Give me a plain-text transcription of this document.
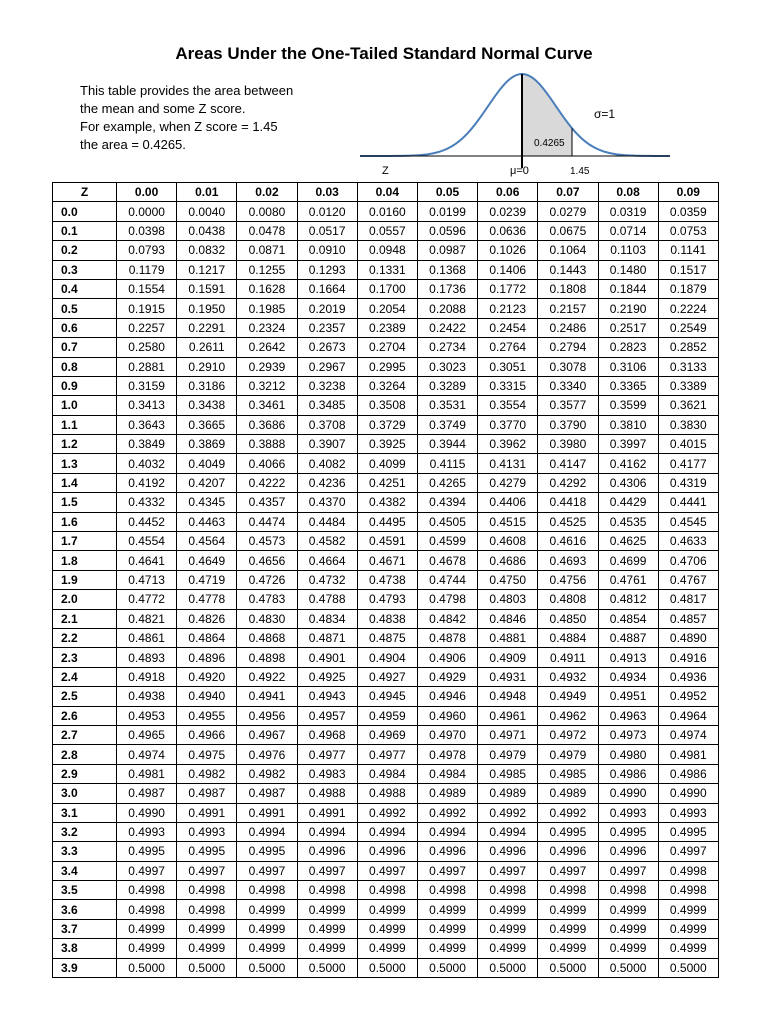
Areas Under the One-Tailed Standard Normal Curve
This table provides the area between
the mean and some Z score.
For example, when Z score = 1.45
the area = 0.4265.
σ=1
0.4265
Z	μ=0	1.45
Z	0.00	0.01	0.02	0.03	0.04	0.05	0.06	0.07	0.08	0.09
0.0	0.0000	0.0040	0.0080	0.0120	0.0160	0.0199	0.0239	0.0279	0.0319	0.0359
0.1	0.0398	0.0438	0.0478	0.0517	0.0557	0.0596	0.0636	0.0675	0.0714	0.0753
0.2	0.0793	0.0832	0.0871	0.0910	0.0948	0.0987	0.1026	0.1064	0.1103	0.1141
0.3	0.1179	0.1217	0.1255	0.1293	0.1331	0.1368	0.1406	0.1443	0.1480	0.1517
0.4	0.1554	0.1591	0.1628	0.1664	0.1700	0.1736	0.1772	0.1808	0.1844	0.1879
0.5	0.1915	0.1950	0.1985	0.2019	0.2054	0.2088	0.2123	0.2157	0.2190	0.2224
0.6	0.2257	0.2291	0.2324	0.2357	0.2389	0.2422	0.2454	0.2486	0.2517	0.2549
0.7	0.2580	0.2611	0.2642	0.2673	0.2704	0.2734	0.2764	0.2794	0.2823	0.2852
0.8	0.2881	0.2910	0.2939	0.2967	0.2995	0.3023	0.3051	0.3078	0.3106	0.3133
0.9	0.3159	0.3186	0.3212	0.3238	0.3264	0.3289	0.3315	0.3340	0.3365	0.3389
1.0	0.3413	0.3438	0.3461	0.3485	0.3508	0.3531	0.3554	0.3577	0.3599	0.3621
1.1	0.3643	0.3665	0.3686	0.3708	0.3729	0.3749	0.3770	0.3790	0.3810	0.3830
1.2	0.3849	0.3869	0.3888	0.3907	0.3925	0.3944	0.3962	0.3980	0.3997	0.4015
1.3	0.4032	0.4049	0.4066	0.4082	0.4099	0.4115	0.4131	0.4147	0.4162	0.4177
1.4	0.4192	0.4207	0.4222	0.4236	0.4251	0.4265	0.4279	0.4292	0.4306	0.4319
1.5	0.4332	0.4345	0.4357	0.4370	0.4382	0.4394	0.4406	0.4418	0.4429	0.4441
1.6	0.4452	0.4463	0.4474	0.4484	0.4495	0.4505	0.4515	0.4525	0.4535	0.4545
1.7	0.4554	0.4564	0.4573	0.4582	0.4591	0.4599	0.4608	0.4616	0.4625	0.4633
1.8	0.4641	0.4649	0.4656	0.4664	0.4671	0.4678	0.4686	0.4693	0.4699	0.4706
1.9	0.4713	0.4719	0.4726	0.4732	0.4738	0.4744	0.4750	0.4756	0.4761	0.4767
2.0	0.4772	0.4778	0.4783	0.4788	0.4793	0.4798	0.4803	0.4808	0.4812	0.4817
2.1	0.4821	0.4826	0.4830	0.4834	0.4838	0.4842	0.4846	0.4850	0.4854	0.4857
2.2	0.4861	0.4864	0.4868	0.4871	0.4875	0.4878	0.4881	0.4884	0.4887	0.4890
2.3	0.4893	0.4896	0.4898	0.4901	0.4904	0.4906	0.4909	0.4911	0.4913	0.4916
2.4	0.4918	0.4920	0.4922	0.4925	0.4927	0.4929	0.4931	0.4932	0.4934	0.4936
2.5	0.4938	0.4940	0.4941	0.4943	0.4945	0.4946	0.4948	0.4949	0.4951	0.4952
2.6	0.4953	0.4955	0.4956	0.4957	0.4959	0.4960	0.4961	0.4962	0.4963	0.4964
2.7	0.4965	0.4966	0.4967	0.4968	0.4969	0.4970	0.4971	0.4972	0.4973	0.4974
2.8	0.4974	0.4975	0.4976	0.4977	0.4977	0.4978	0.4979	0.4979	0.4980	0.4981
2.9	0.4981	0.4982	0.4982	0.4983	0.4984	0.4984	0.4985	0.4985	0.4986	0.4986
3.0	0.4987	0.4987	0.4987	0.4988	0.4988	0.4989	0.4989	0.4989	0.4990	0.4990
3.1	0.4990	0.4991	0.4991	0.4991	0.4992	0.4992	0.4992	0.4992	0.4993	0.4993
3.2	0.4993	0.4993	0.4994	0.4994	0.4994	0.4994	0.4994	0.4995	0.4995	0.4995
3.3	0.4995	0.4995	0.4995	0.4996	0.4996	0.4996	0.4996	0.4996	0.4996	0.4997
3.4	0.4997	0.4997	0.4997	0.4997	0.4997	0.4997	0.4997	0.4997	0.4997	0.4998
3.5	0.4998	0.4998	0.4998	0.4998	0.4998	0.4998	0.4998	0.4998	0.4998	0.4998
3.6	0.4998	0.4998	0.4999	0.4999	0.4999	0.4999	0.4999	0.4999	0.4999	0.4999
3.7	0.4999	0.4999	0.4999	0.4999	0.4999	0.4999	0.4999	0.4999	0.4999	0.4999
3.8	0.4999	0.4999	0.4999	0.4999	0.4999	0.4999	0.4999	0.4999	0.4999	0.4999
3.9	0.5000	0.5000	0.5000	0.5000	0.5000	0.5000	0.5000	0.5000	0.5000	0.5000
